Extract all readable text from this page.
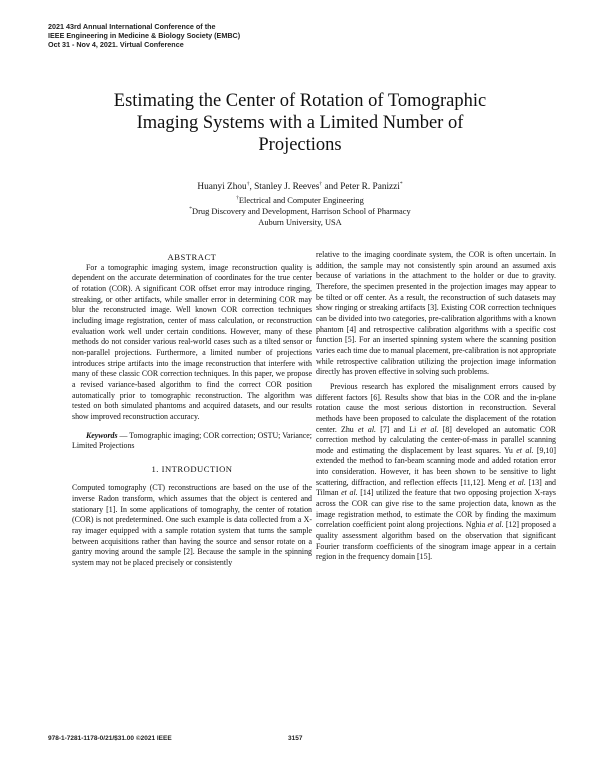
2021 43rd Annual International Conference of the
IEEE Engineering in Medicine & Biology Society (EMBC)
Oct 31 - Nov 4, 2021. Virtual Conference
Estimating the Center of Rotation of Tomographic
Imaging Systems with a Limited Number of
Projections
Huanyi Zhou†, Stanley J. Reeves† and Peter R. Panizzi*
†Electrical and Computer Engineering
*Drug Discovery and Development, Harrison School of Pharmacy
Auburn University, USA

ABSTRACT

For a tomographic imaging system, image reconstruction quality is dependent on the accurate determination of coordinates for the true center of rotation (COR). A significant COR offset error may introduce ringing, streaking, or other artifacts, while smaller error in determining COR may blur the reconstructed image. Well known COR correction techniques including image registration, center of mass calculation, or reconstruction evaluation work well under certain conditions. However, many of these methods do not consider various real-world cases such as a tilted sensor or non-parallel projections. Furthermore, a limited number of projections introduces stripe artifacts into the image reconstruction that interfere with many of these classic COR correction techniques. In this paper, we propose a revised variance-based algorithm to find the correct COR position automatically prior to tomographic reconstruction. The algorithm was tested on both simulated phantoms and acquired datasets, and our results show improved reconstruction accuracy.

Keywords — Tomographic imaging; COR correction; OSTU; Variance; Limited Projections

1. INTRODUCTION

Computed tomography (CT) reconstructions are based on the use of the inverse Radon transform, which assumes that the object is centered and stationary [1]. In some applications of tomography, the center of rotation (COR) is not predetermined. One such example is data collected from a X-ray imager equipped with a sample rotation system that turns the sample between acquisitions rather than having the source and sensor rotate on a gantry moving around the sample [2]. Because the sample in the spinning system may not be placed precisely or consistently

relative to the imaging coordinate system, the COR is often uncertain. In addition, the sample may not consistently spin around an assumed axis because of variations in the attachment to the holder or due to gravity. Therefore, the specimen presented in the projection images may appear to be tilted or off center. As a result, the reconstruction of such datasets may show ringing or streaking artifacts [3]. Existing COR correction techniques can be divided into two categories, pre-calibration algorithms with a known phantom [4] and retrospective calibration algorithms with a specific cost function [5]. For an inserted spinning system where the scanning position varies each time due to manual placement, pre-calibration is not appropriate while retrospective calibration utilizing the projection image information directly has proven effective in solving such problems.

Previous research has explored the misalignment errors caused by different factors [6]. Results show that bias in the COR and the in-plane rotation cause the most serious distortion in reconstruction. Several methods have been proposed to calculate the displacement of the rotation center. Zhu et al. [7] and Li et al. [8] developed an automatic COR correction method by calculating the center-of-mass in parallel scanning mode and estimating the displacement by least squares. Yu et al. [9,10] extended the method to fan-beam scanning mode and added rotation error into consideration. However, it has been shown to be sensitive to light scattering, diffraction, and reflection effects [11,12]. Meng et al. [13] and Tilman et al. [14] utilized the feature that two opposing projection X-rays across the COR can give rise to the same projection data, known as the image registration method, to estimate the COR by finding the maximum correlation coefficient point along projections. Nghia et al. [12] proposed a quality assessment algorithm based on the observation that significant Fourier transform coefficients of the sinogram image appear in a certain region in the frequency domain [15].

978-1-7281-1178-0/21/$31.00 ©2021 IEEE	3157
